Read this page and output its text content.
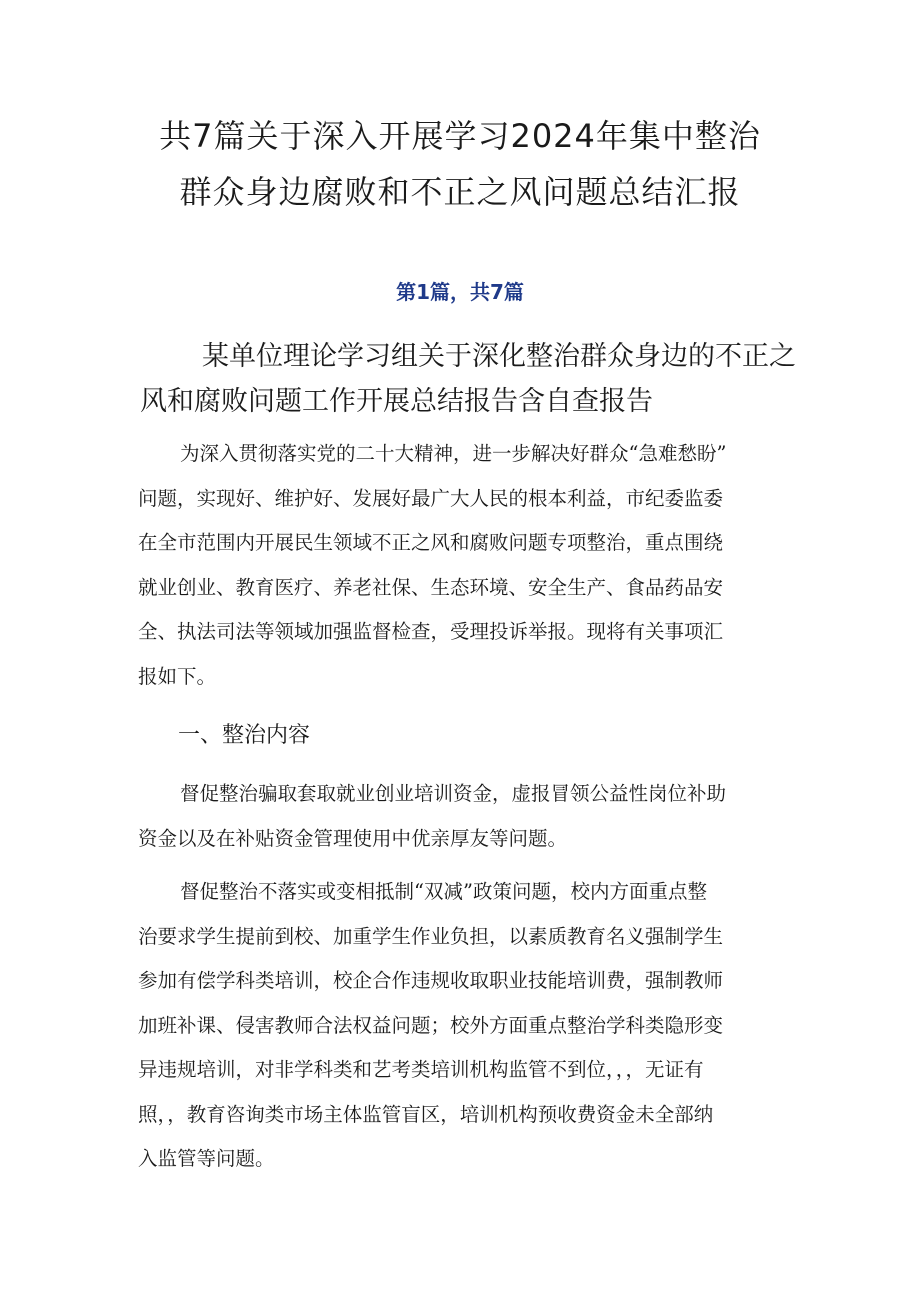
共7篇关于深入开展学习2024年集中整治
群众身边腐败和不正之风问题总结汇报
第1篇，共7篇
某单位理论学习组关于深化整治群众身边的不正之
风和腐败问题工作开展总结报告含自查报告
为深入贯彻落实党的二十大精神，进一步解决好群众“急难愁盼”
问题，实现好、维护好、发展好最广大人民的根本利益，市纪委监委
在全市范围内开展民生领域不正之风和腐败问题专项整治，重点围绕
就业创业、教育医疗、养老社保、生态环境、安全生产、食品药品安
全、执法司法等领域加强监督检查，受理投诉举报。现将有关事项汇
报如下。
一、整治内容
督促整治骗取套取就业创业培训资金，虚报冒领公益性岗位补助
资金以及在补贴资金管理使用中优亲厚友等问题。
督促整治不落实或变相抵制“双减”政策问题，校内方面重点整
治要求学生提前到校、加重学生作业负担，以素质教育名义强制学生
参加有偿学科类培训，校企合作违规收取职业技能培训费，强制教师
加班补课、侵害教师合法权益问题；校外方面重点整治学科类隐形变
异违规培训，对非学科类和艺考类培训机构监管不到位，，，无证有
照，，教育咨询类市场主体监管盲区，培训机构预收费资金未全部纳
入监管等问题。
